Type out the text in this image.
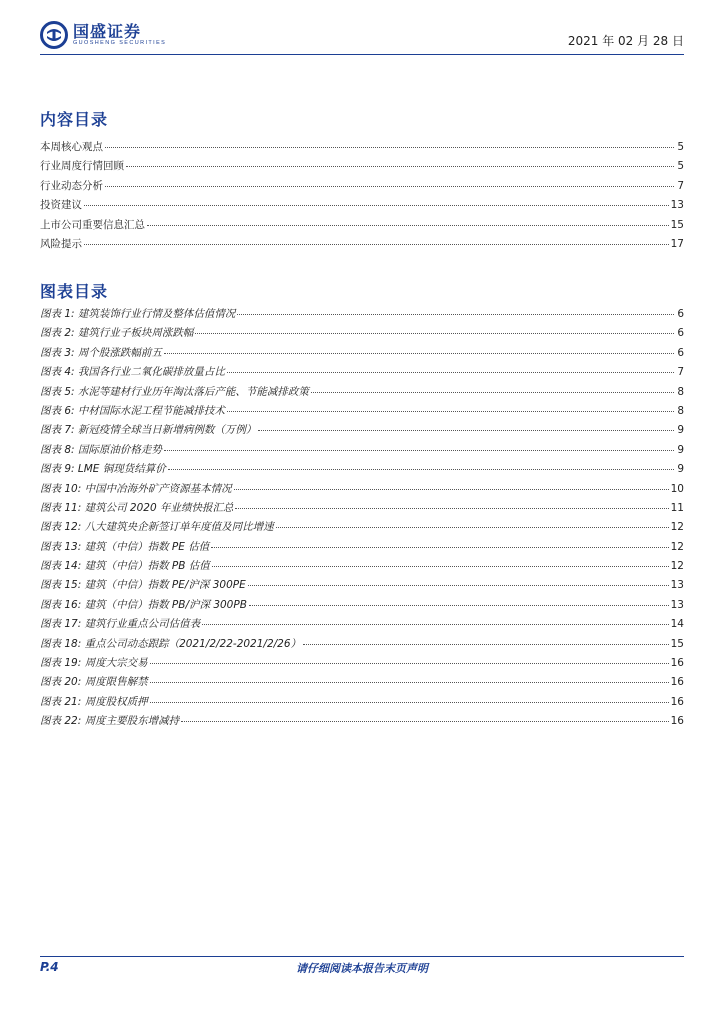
国盛证券
GUOSHENG SECURITIES	2021 年 02 月 28 日
内容目录
本周核心观点	5
行业周度行情回顾	5
行业动态分析	7
投资建议	13
上市公司重要信息汇总	15
风险提示	17
图表目录
图表 1: 建筑装饰行业行情及整体估值情况	6
图表 2: 建筑行业子板块周涨跌幅	6
图表 3: 周个股涨跌幅前五	6
图表 4: 我国各行业二氧化碳排放量占比	7
图表 5: 水泥等建材行业历年淘汰落后产能、节能减排政策	8
图表 6: 中材国际水泥工程节能减排技术	8
图表 7: 新冠疫情全球当日新增病例数（万例）	9
图表 8: 国际原油价格走势	9
图表 9: LME 铜现货结算价	9
图表 10: 中国中冶海外矿产资源基本情况	10
图表 11: 建筑公司 2020 年业绩快报汇总	11
图表 12: 八大建筑央企新签订单年度值及同比增速	12
图表 13: 建筑（中信）指数 PE 估值	12
图表 14: 建筑（中信）指数 PB 估值	12
图表 15: 建筑（中信）指数 PE/沪深 300PE	13
图表 16: 建筑（中信）指数 PB/沪深 300PB	13
图表 17: 建筑行业重点公司估值表	14
图表 18: 重点公司动态跟踪（2021/2/22-2021/2/26）	15
图表 19: 周度大宗交易	16
图表 20: 周度限售解禁	16
图表 21: 周度股权质押	16
图表 22: 周度主要股东增减持	16
P.4	请仔细阅读本报告末页声明
